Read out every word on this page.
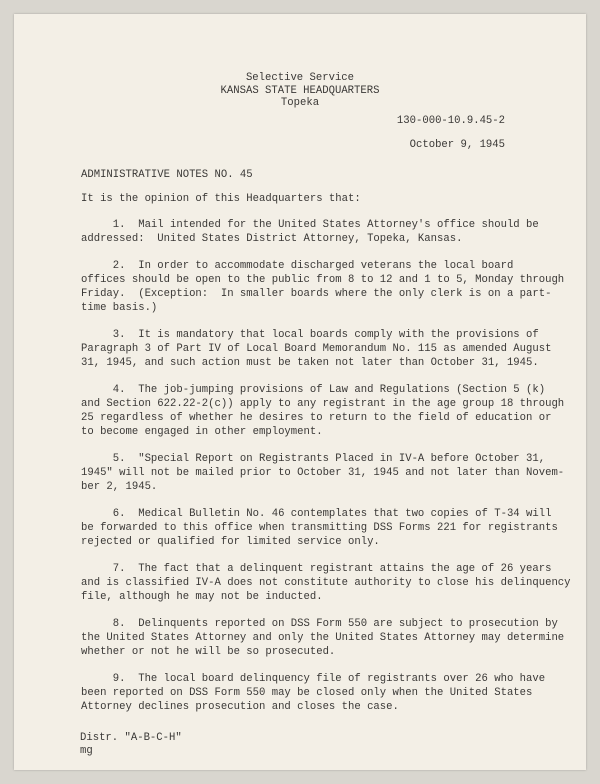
Selective Service
KANSAS STATE HEADQUARTERS
Topeka
130-000-10.9.45-2
October 9, 1945
ADMINISTRATIVE NOTES NO. 45
It is the opinion of this Headquarters that:
1.  Mail intended for the United States Attorney's office should be
addressed:  United States District Attorney, Topeka, Kansas.
2.  In order to accommodate discharged veterans the local board
offices should be open to the public from 8 to 12 and 1 to 5, Monday through
Friday.  (Exception:  In smaller boards where the only clerk is on a part-
time basis.)
3.  It is mandatory that local boards comply with the provisions of
Paragraph 3 of Part IV of Local Board Memorandum No. 115 as amended August
31, 1945, and such action must be taken not later than October 31, 1945.
4.  The job-jumping provisions of Law and Regulations (Section 5 (k)
and Section 622.22-2(c)) apply to any registrant in the age group 18 through
25 regardless of whether he desires to return to the field of education or
to become engaged in other employment.
5.  "Special Report on Registrants Placed in IV-A before October 31,
1945" will not be mailed prior to October 31, 1945 and not later than Novem-
ber 2, 1945.
6.  Medical Bulletin No. 46 contemplates that two copies of T-34 will
be forwarded to this office when transmitting DSS Forms 221 for registrants
rejected or qualified for limited service only.
7.  The fact that a delinquent registrant attains the age of 26 years
and is classified IV-A does not constitute authority to close his delinquency
file, although he may not be inducted.
8.  Delinquents reported on DSS Form 550 are subject to prosecution by
the United States Attorney and only the United States Attorney may determine
whether or not he will be so prosecuted.
9.  The local board delinquency file of registrants over 26 who have
been reported on DSS Form 550 may be closed only when the United States
Attorney declines prosecution and closes the case.
Distr. "A-B-C-H"
mg
